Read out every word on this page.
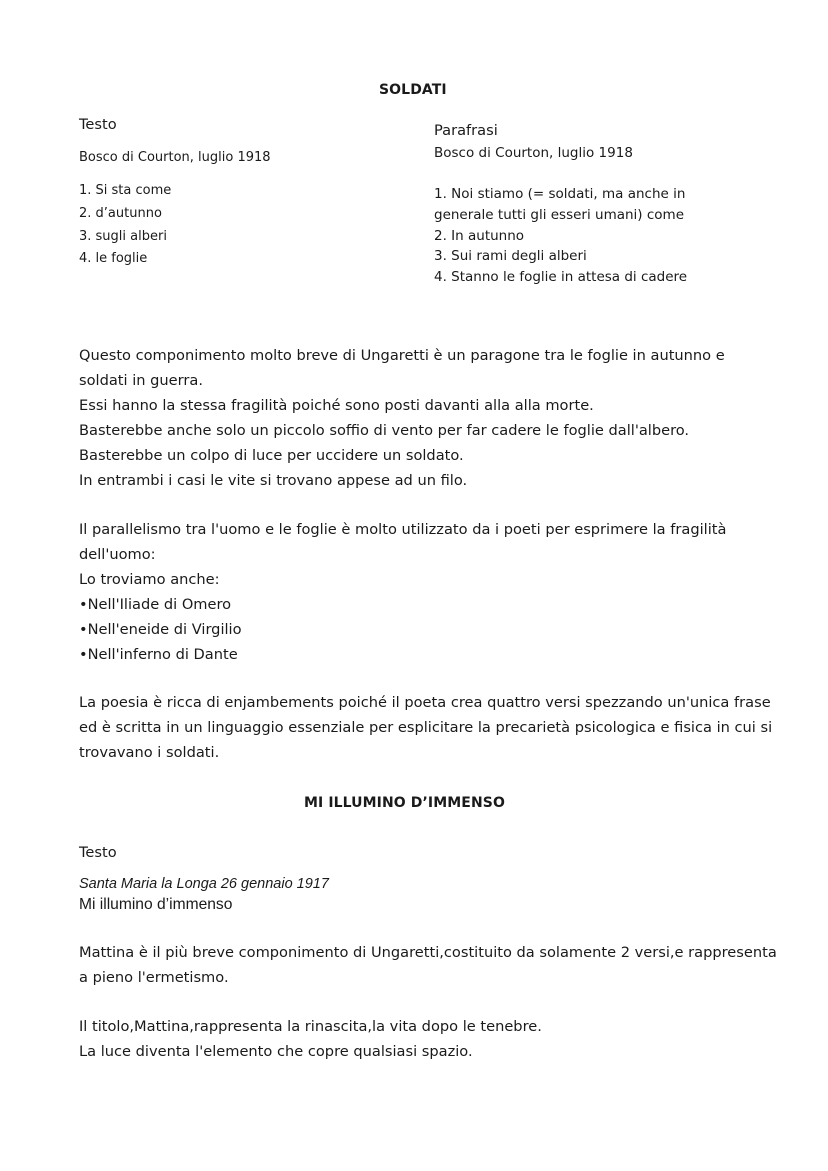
SOLDATI
Testo
Bosco di Courton, luglio 1918
1. Si sta come
2. d’autunno
3. sugli alberi
4. le foglie
Parafrasi
Bosco di Courton, luglio 1918
1. Noi stiamo (= soldati, ma anche in
generale tutti gli esseri umani) come
2. In autunno
3. Sui rami degli alberi
4. Stanno le foglie in attesa di cadere
Questo componimento molto breve di Ungaretti è un paragone tra le foglie in autunno e
soldati in guerra.
Essi hanno la stessa fragilità poiché sono posti davanti alla alla morte.
Basterebbe anche solo un piccolo soffio di vento per far cadere le foglie dall'albero.
Basterebbe un colpo di luce per uccidere un soldato.
In entrambi i casi le vite si trovano appese ad un filo.
Il parallelismo tra l'uomo e le foglie è molto utilizzato da i poeti per esprimere la fragilità
dell'uomo:
Lo troviamo anche:
•Nell'Iliade di Omero
•Nell'eneide di Virgilio
•Nell'inferno di Dante
La poesia è ricca di enjambements poiché il poeta crea quattro versi spezzando un'unica frase
ed è scritta in un linguaggio essenziale per esplicitare la precarietà psicologica e fisica in cui si
trovavano i soldati.
MI ILLUMINO D’IMMENSO
Testo
Santa Maria la Longa 26 gennaio 1917
Mi illumino d’immenso
Mattina è il più breve componimento di Ungaretti,costituito da solamente 2 versi,e rappresenta
a pieno l'ermetismo.
Il titolo,Mattina,rappresenta la rinascita,la vita dopo le tenebre.
La luce diventa l'elemento che copre qualsiasi spazio.
